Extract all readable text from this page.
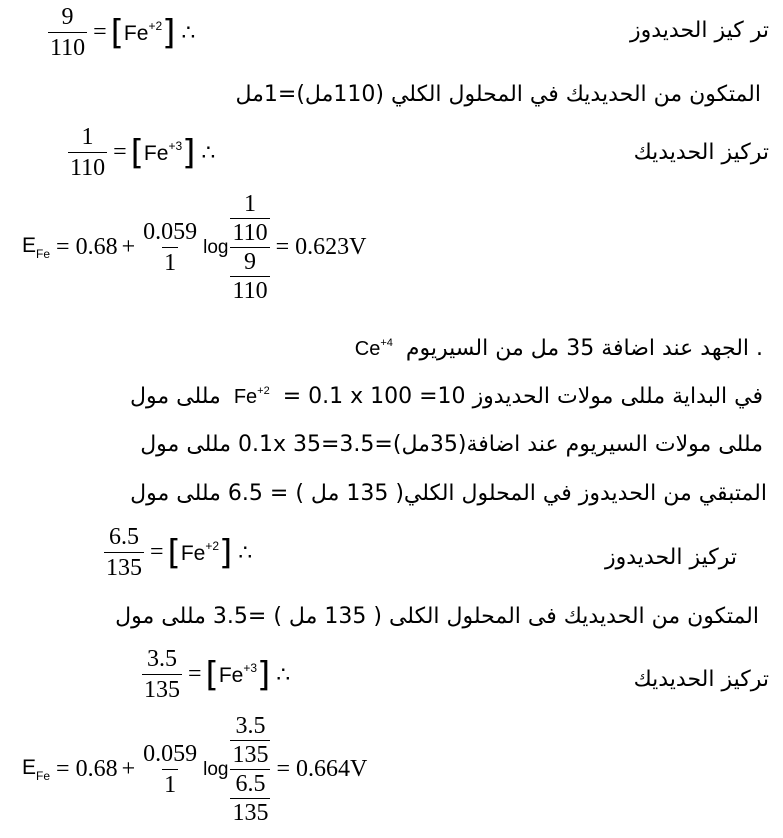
$\frac{9}{110}$ = [ $Fe^{+2}$ ] ∴	تر كيز الحديدوز
المتكون من الحديديك في المحلول الكلي (110مل)=1مل
$\frac{1}{110}$ = [ $Fe^{+3}$ ] ∴	تركيز الحديديك
$E_{Fe} = 0.68 + \frac{0.059}{1}$ log
1
110
9
110
= 0.623V
. الجهد عند اضافة 35 مل من السيريوم $Ce^{+4}$
في البداية مللى مولات الحديدوز $Fe^{+2} = 0.1$ x 100 =10 مللى مول
مللى مولات السيريوم عند اضافة(35مل)=0.1x 35=3.5 مللى مول
المتبقي من الحديدوز في المحلول الكلي( 135 مل ) = 6.5 مللى مول
$\frac{6.5}{135}$ = [ $Fe^{+2}$ ] ∴	تركيز الحديدوز
المتكون من الحديديك فى المحلول الكلى ( 135 مل ) =3.5 مللى مول
$\frac{3.5}{135}$ = [ $Fe^{+3}$ ] ∴	تركيز الحديديك
$E_{Fe} = 0.68 + \frac{0.059}{1}$ log
3.5
135
6.5
135
= 0.664V
